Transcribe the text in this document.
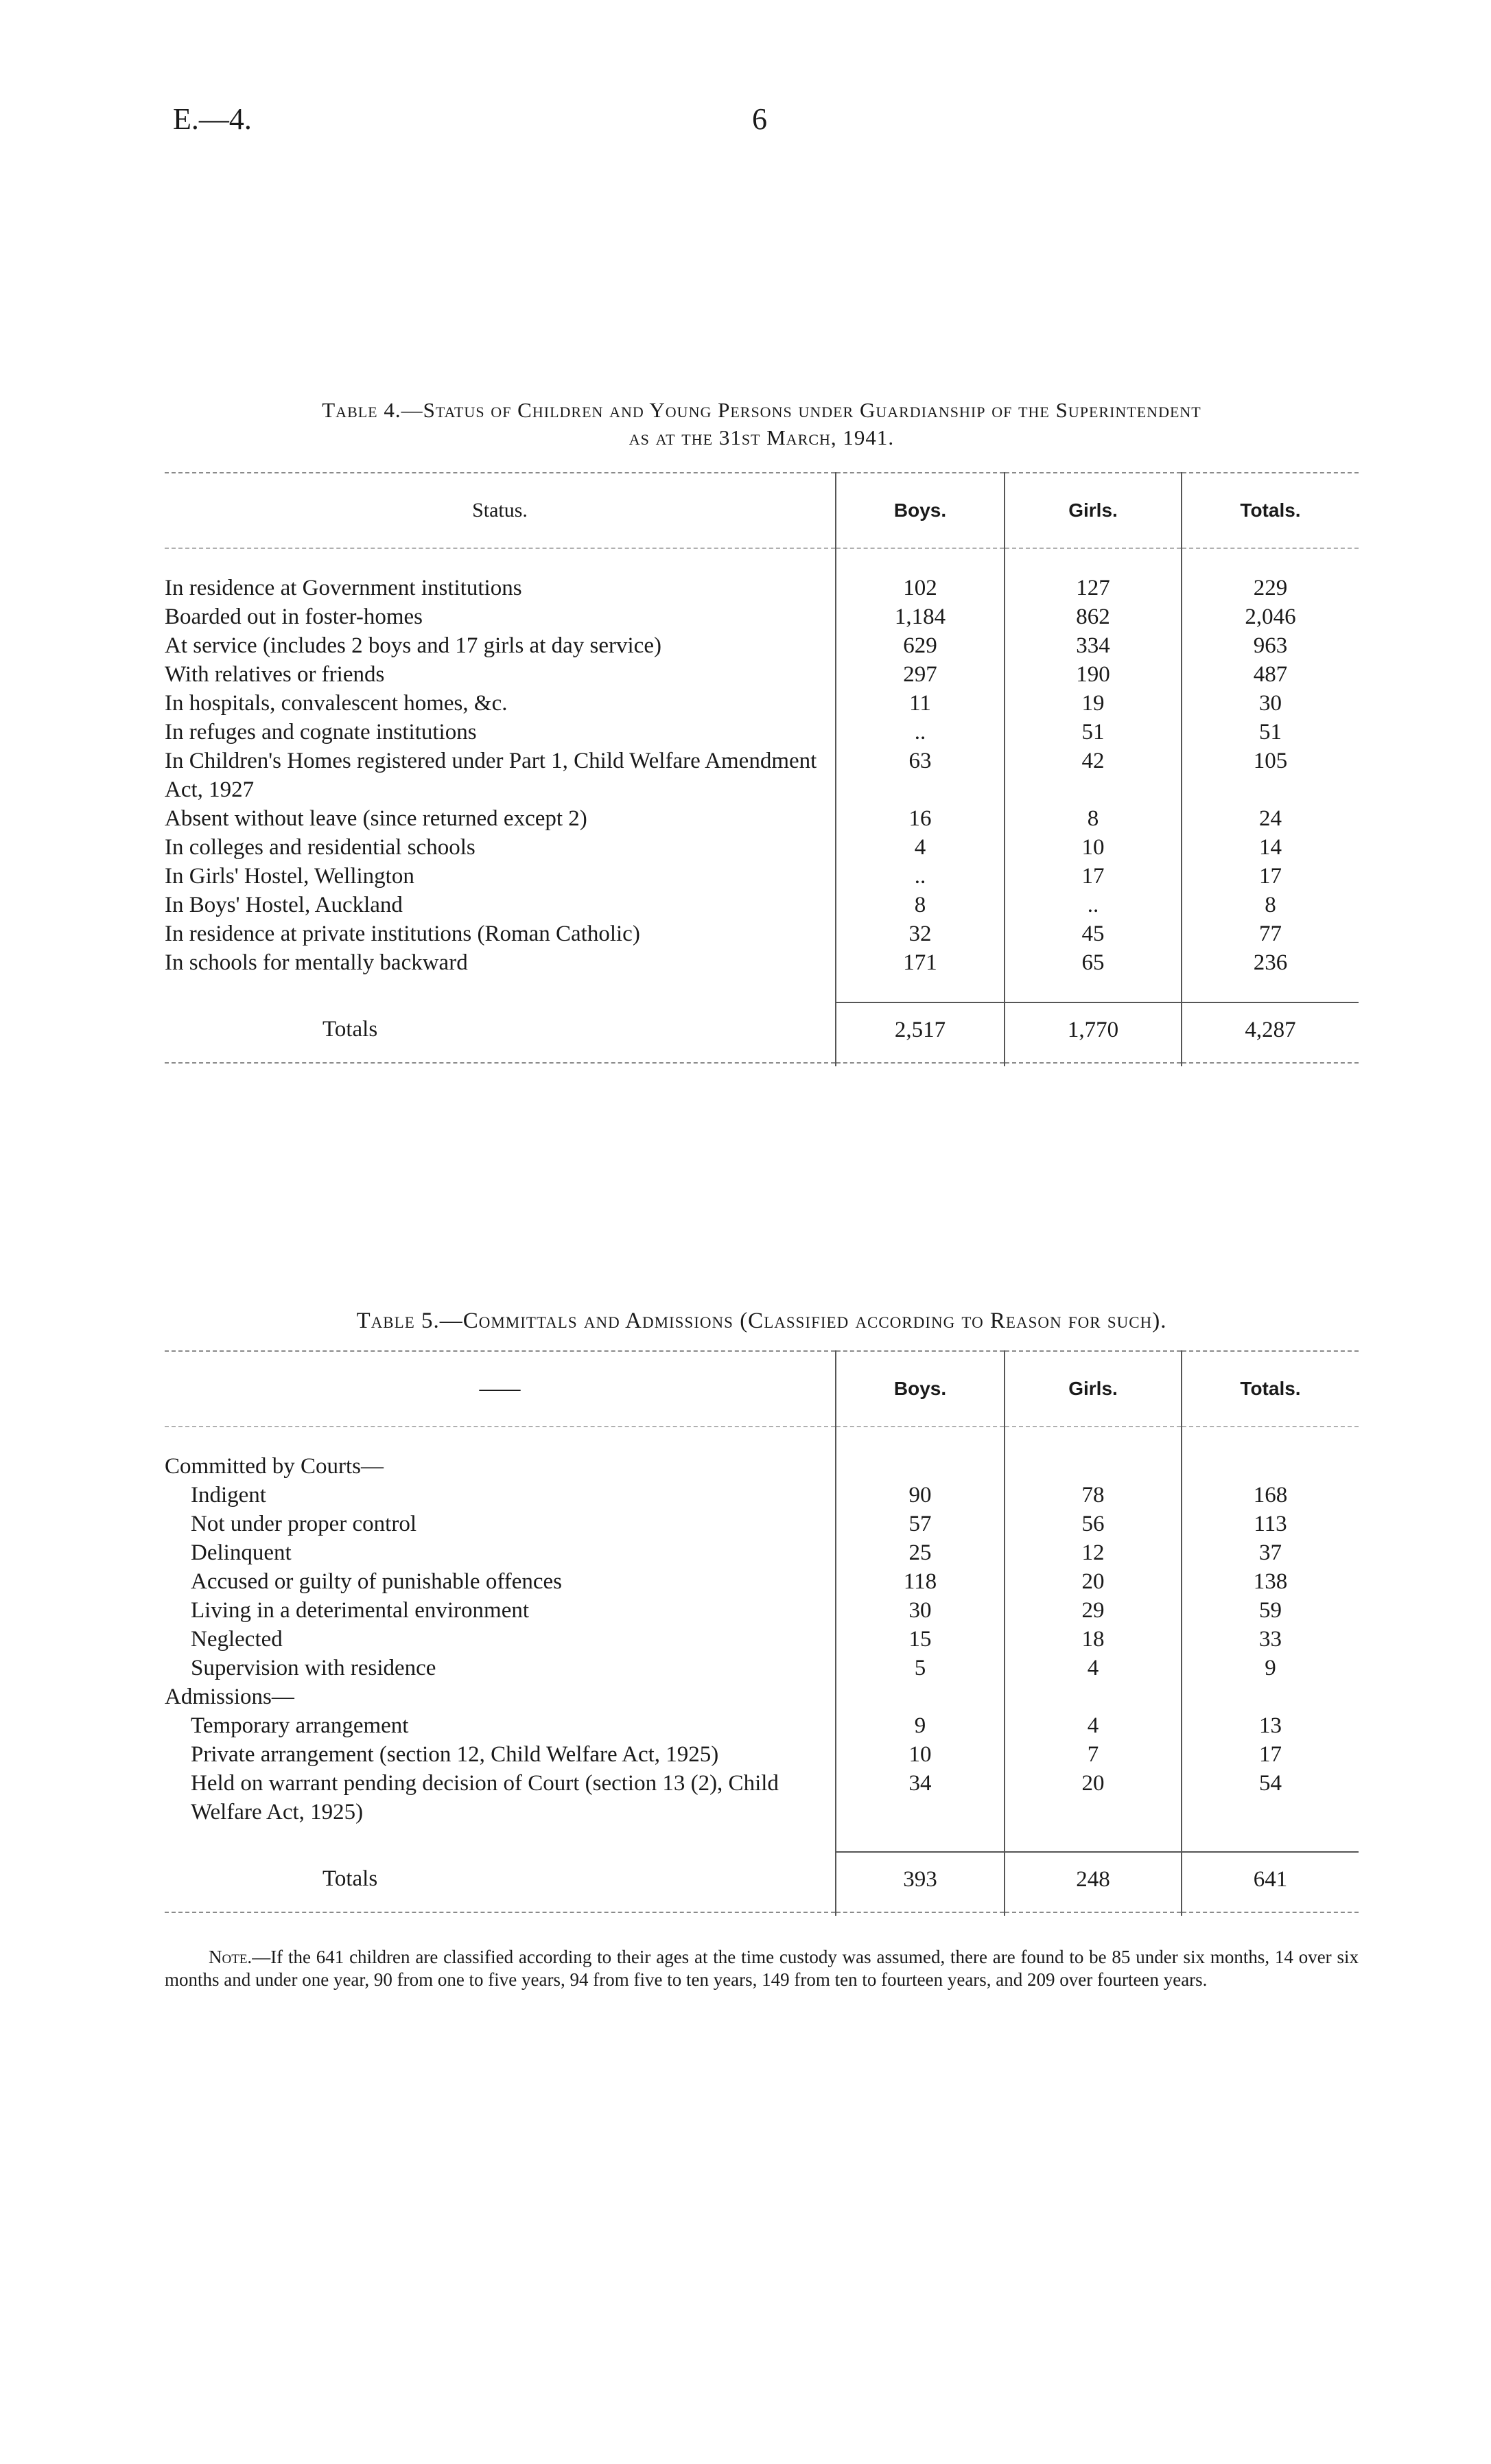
E.—4.	6
Table 4.—Status of Children and Young Persons under Guardianship of the Superintendent
as at the 31st March, 1941.
Status.	Boys.	Girls.	Totals.

In residence at Government institutions	102	127	229
Boarded out in foster-homes	1,184	862	2,046
At service (includes 2 boys and 17 girls at day service)	629	334	963
With relatives or friends	297	190	487
In hospitals, convalescent homes, &c.	11	19	30
In refuges and cognate institutions	..	51	51
In Children's Homes registered under Part 1, Child Welfare Amendment Act, 1927	63	42	105
Absent without leave (since returned except 2)	16	8	24
In colleges and residential schools	4	10	14
In Girls' Hostel, Wellington	..	17	17
In Boys' Hostel, Auckland	8	..	8
In residence at private institutions (Roman Catholic)	32	45	77
In schools for mentally backward	171	65	236

Totals	2,517	1,770	4,287

Table 5.—Committals and Admissions (Classified according to Reason for such).
——	Boys.	Girls.	Totals.

Committed by Courts—			
Indigent	90	78	168
Not under proper control	57	56	113
Delinquent	25	12	37
Accused or guilty of punishable offences	118	20	138
Living in a deterimental environment	30	29	59
Neglected	15	18	33
Supervision with residence	5	4	9
Admissions—			
Temporary arrangement	9	4	13
Private arrangement (section 12, Child Welfare Act, 1925)	10	7	17
Held on warrant pending decision of Court (section 13 (2), Child Welfare Act, 1925)	34	20	54

Totals	393	248	641

Note.—If the 641 children are classified according to their ages at the time custody was assumed, there are found to be 85 under six months, 14 over six months and under one year, 90 from one to five years, 94 from five to ten years, 149 from ten to fourteen years, and 209 over fourteen years.
